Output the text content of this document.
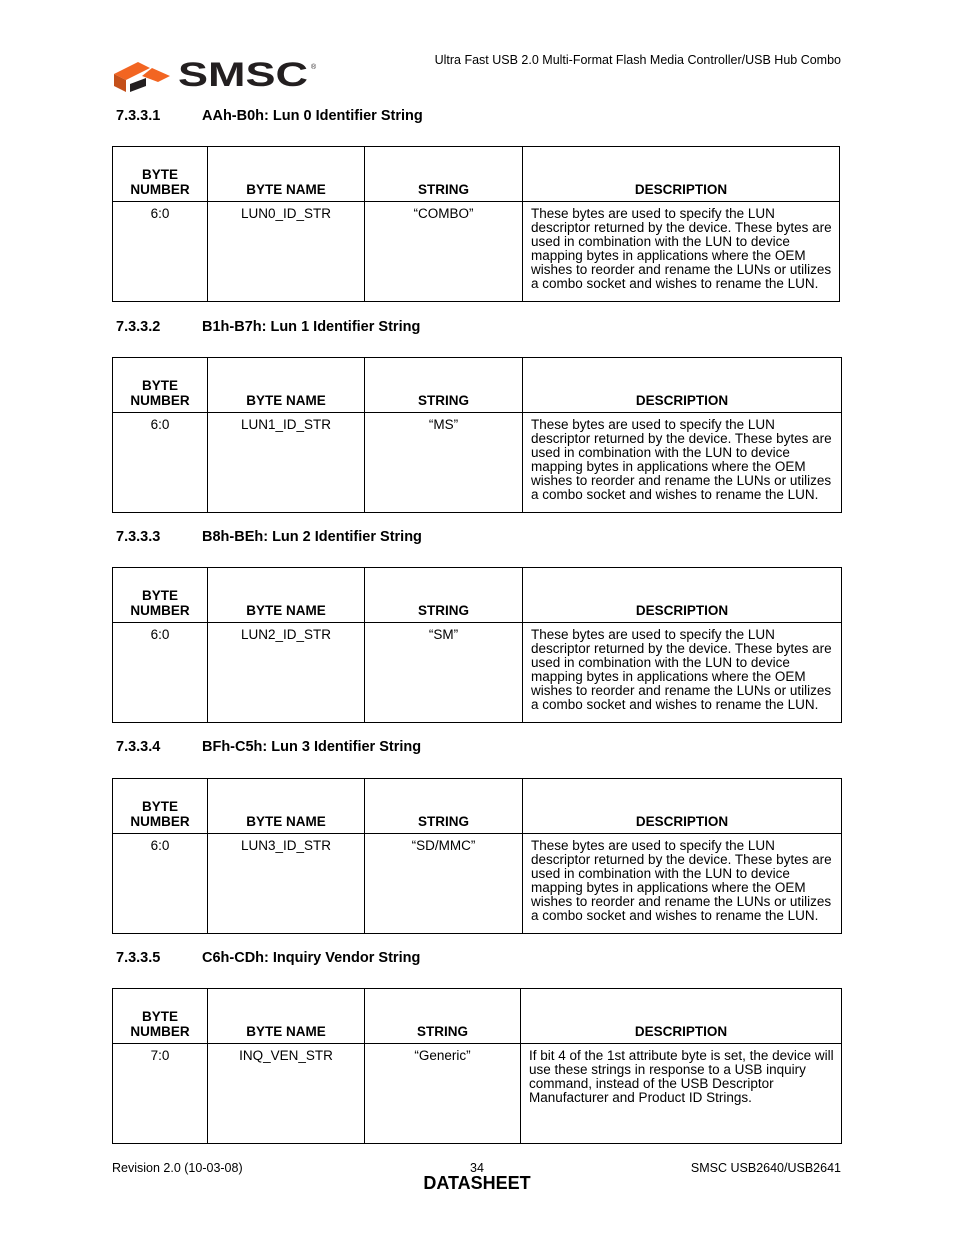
SMSC ®
Ultra Fast USB 2.0 Multi-Format Flash Media Controller/USB Hub Combo
7.3.3.1	AAh-B0h: Lun 0 Identifier String
BYTE
NUMBER	BYTE NAME	STRING	DESCRIPTION
6:0	LUN0_ID_STR	“COMBO”	These bytes are used to specify the LUN descriptor returned by the device. These bytes are used in combination with the LUN to device mapping bytes in applications where the OEM wishes to reorder and rename the LUNs or utilizes a combo socket and wishes to rename the LUN.
7.3.3.2	B1h-B7h: Lun 1 Identifier String
BYTE
NUMBER	BYTE NAME	STRING	DESCRIPTION
6:0	LUN1_ID_STR	“MS”	These bytes are used to specify the LUN descriptor returned by the device. These bytes are used in combination with the LUN to device mapping bytes in applications where the OEM wishes to reorder and rename the LUNs or utilizes a combo socket and wishes to rename the LUN.
7.3.3.3	B8h-BEh: Lun 2 Identifier String
BYTE
NUMBER	BYTE NAME	STRING	DESCRIPTION
6:0	LUN2_ID_STR	“SM”	These bytes are used to specify the LUN descriptor returned by the device. These bytes are used in combination with the LUN to device mapping bytes in applications where the OEM wishes to reorder and rename the LUNs or utilizes a combo socket and wishes to rename the LUN.
7.3.3.4	BFh-C5h: Lun 3 Identifier String
BYTE
NUMBER	BYTE NAME	STRING	DESCRIPTION
6:0	LUN3_ID_STR	“SD/MMC”	These bytes are used to specify the LUN descriptor returned by the device. These bytes are used in combination with the LUN to device mapping bytes in applications where the OEM wishes to reorder and rename the LUNs or utilizes a combo socket and wishes to rename the LUN.
7.3.3.5	C6h-CDh: Inquiry Vendor String
BYTE
NUMBER	BYTE NAME	STRING	DESCRIPTION
7:0	INQ_VEN_STR	“Generic”	If bit 4 of the 1st attribute byte is set, the device will use these strings in response to a USB inquiry command, instead of the USB Descriptor Manufacturer and Product ID Strings.
Revision 2.0 (10-03-08)	34
DATASHEET
SMSC USB2640/USB2641
